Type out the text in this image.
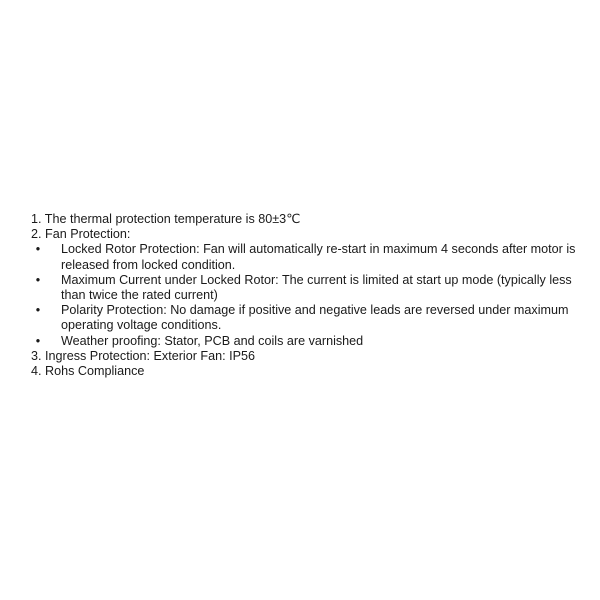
1. The thermal protection temperature is 80±3℃
2. Fan Protection:
• Locked Rotor Protection: Fan will automatically re-start in maximum 4 seconds after motor is released from locked condition.
• Maximum Current under Locked Rotor: The current is limited at start up mode (typically less than twice the rated current)
• Polarity Protection: No damage if positive and negative leads are reversed under maximum operating voltage conditions.
• Weather proofing: Stator, PCB and coils are varnished
3. Ingress Protection: Exterior Fan: IP56
4. Rohs Compliance
